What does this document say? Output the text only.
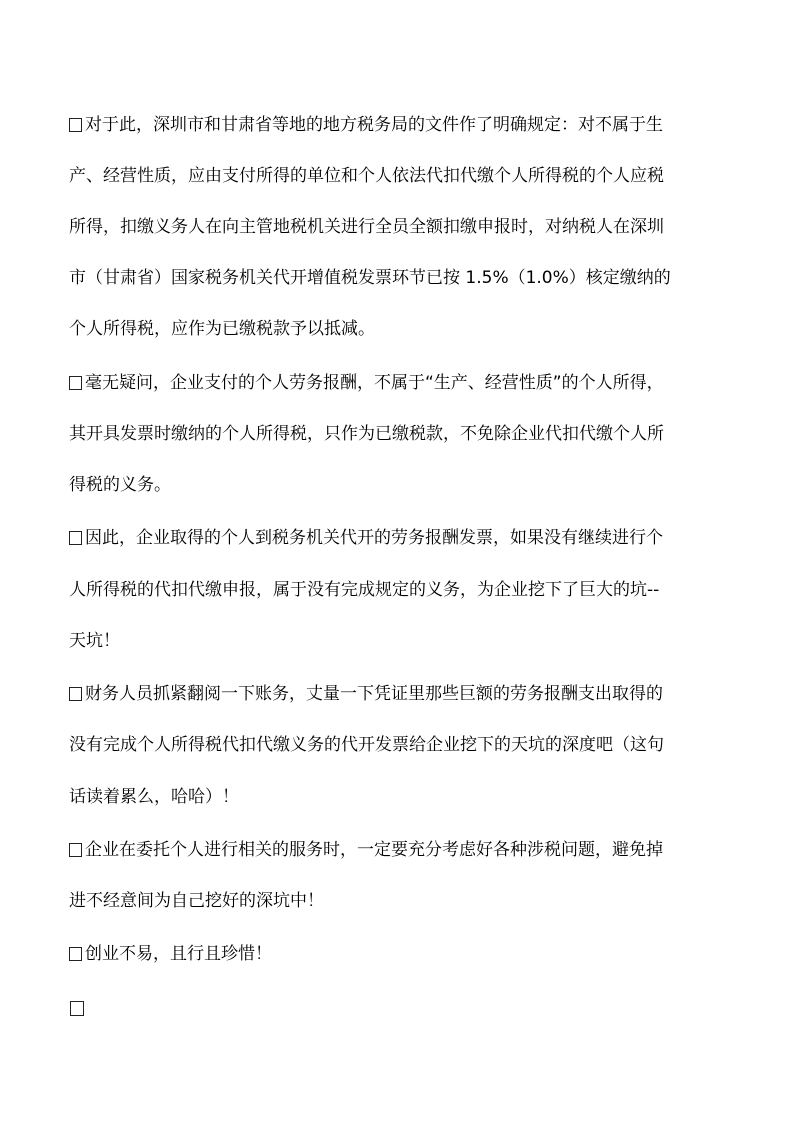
对于此，深圳市和甘肃省等地的地方税务局的文件作了明确规定：对不属于生
产、经营性质，应由支付所得的单位和个人依法代扣代缴个人所得税的个人应税
所得，扣缴义务人在向主管地税机关进行全员全额扣缴申报时，对纳税人在深圳
市（甘肃省）国家税务机关代开增值税发票环节已按 1.5%（1.0%）核定缴纳的
个人所得税，应作为已缴税款予以抵减。
毫无疑问，企业支付的个人劳务报酬，不属于“生产、经营性质”的个人所得，
其开具发票时缴纳的个人所得税，只作为已缴税款，不免除企业代扣代缴个人所
得税的义务。
因此，企业取得的个人到税务机关代开的劳务报酬发票，如果没有继续进行个
人所得税的代扣代缴申报，属于没有完成规定的义务，为企业挖下了巨大的坑--
天坑！
财务人员抓紧翻阅一下账务，丈量一下凭证里那些巨额的劳务报酬支出取得的
没有完成个人所得税代扣代缴义务的代开发票给企业挖下的天坑的深度吧（这句
话读着累么，哈哈）！
企业在委托个人进行相关的服务时，一定要充分考虑好各种涉税问题，避免掉
进不经意间为自己挖好的深坑中！
创业不易，且行且珍惜！
